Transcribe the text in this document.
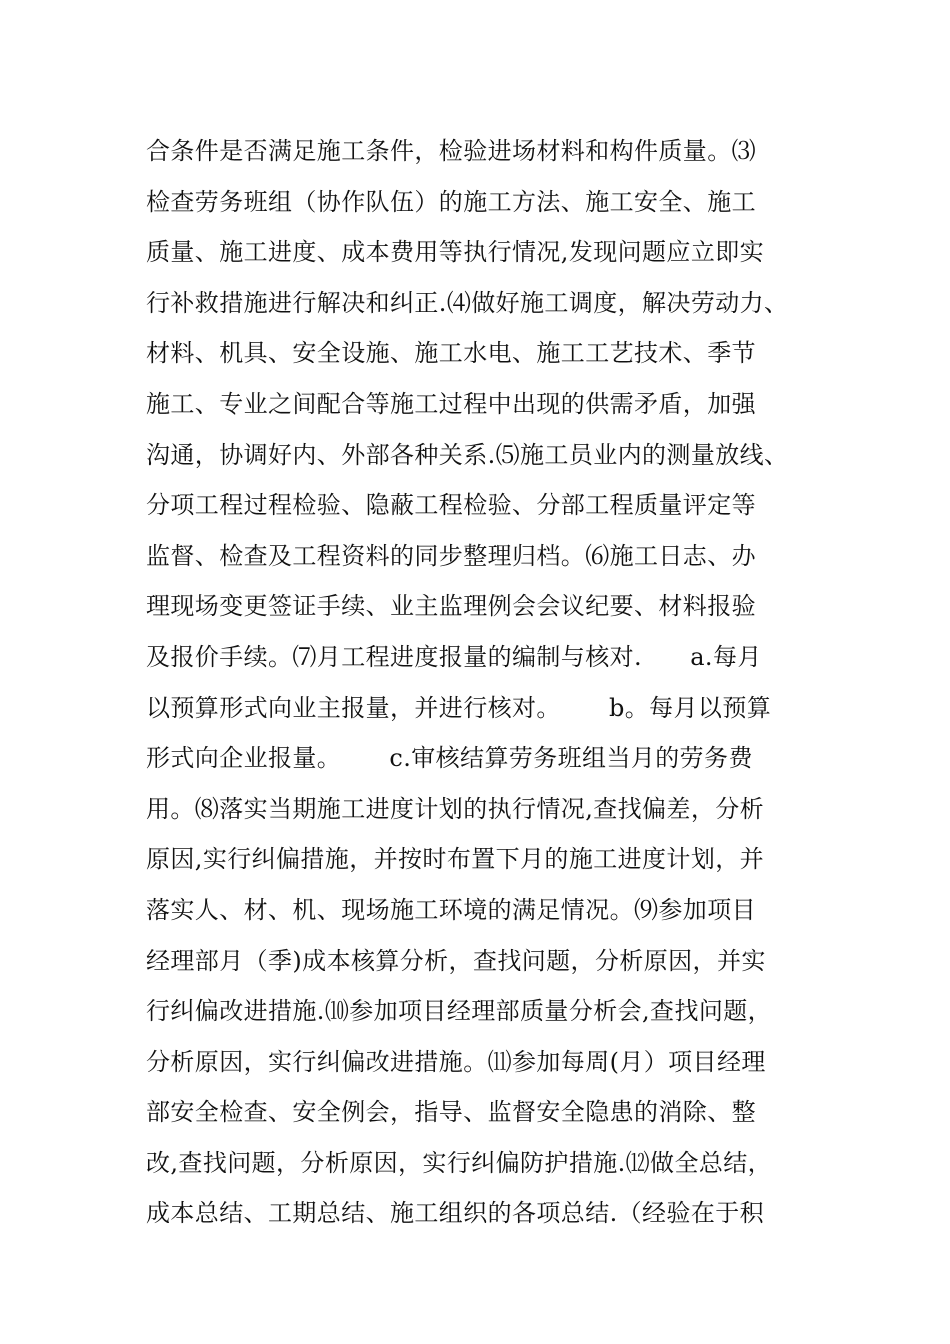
合条件是否满足施工条件，检验进场材料和构件质量。⑶
检查劳务班组（协作队伍）的施工方法、施工安全、施工
质量、施工进度、成本费用等执行情况,发现问题应立即实
行补救措施进行解决和纠正.⑷做好施工调度，解决劳动力、
材料、机具、安全设施、施工水电、施工工艺技术、季节
施工、专业之间配合等施工过程中出现的供需矛盾，加强
沟通，协调好内、外部各种关系.⑸施工员业内的测量放线、
分项工程过程检验、隐蔽工程检验、分部工程质量评定等
监督、检查及工程资料的同步整理归档。⑹施工日志、办
理现场变更签证手续、业主监理例会会议纪要、材料报验
及报价手续。⑺月工程进度报量的编制与核对.      a.每月
以预算形式向业主报量，并进行核对。      b。每月以预算
形式向企业报量。      c.审核结算劳务班组当月的劳务费
用。⑻落实当期施工进度计划的执行情况,查找偏差，分析
原因,实行纠偏措施，并按时布置下月的施工进度计划，并
落实人、材、机、现场施工环境的满足情况。⑼参加项目
经理部月（季)成本核算分析，查找问题，分析原因，并实
行纠偏改进措施.⑽参加项目经理部质量分析会,查找问题，
分析原因，实行纠偏改进措施。⑾参加每周(月）项目经理
部安全检查、安全例会，指导、监督安全隐患的消除、整
改,查找问题，分析原因，实行纠偏防护措施.⑿做全总结，
成本总结、工期总结、施工组织的各项总结.（经验在于积
